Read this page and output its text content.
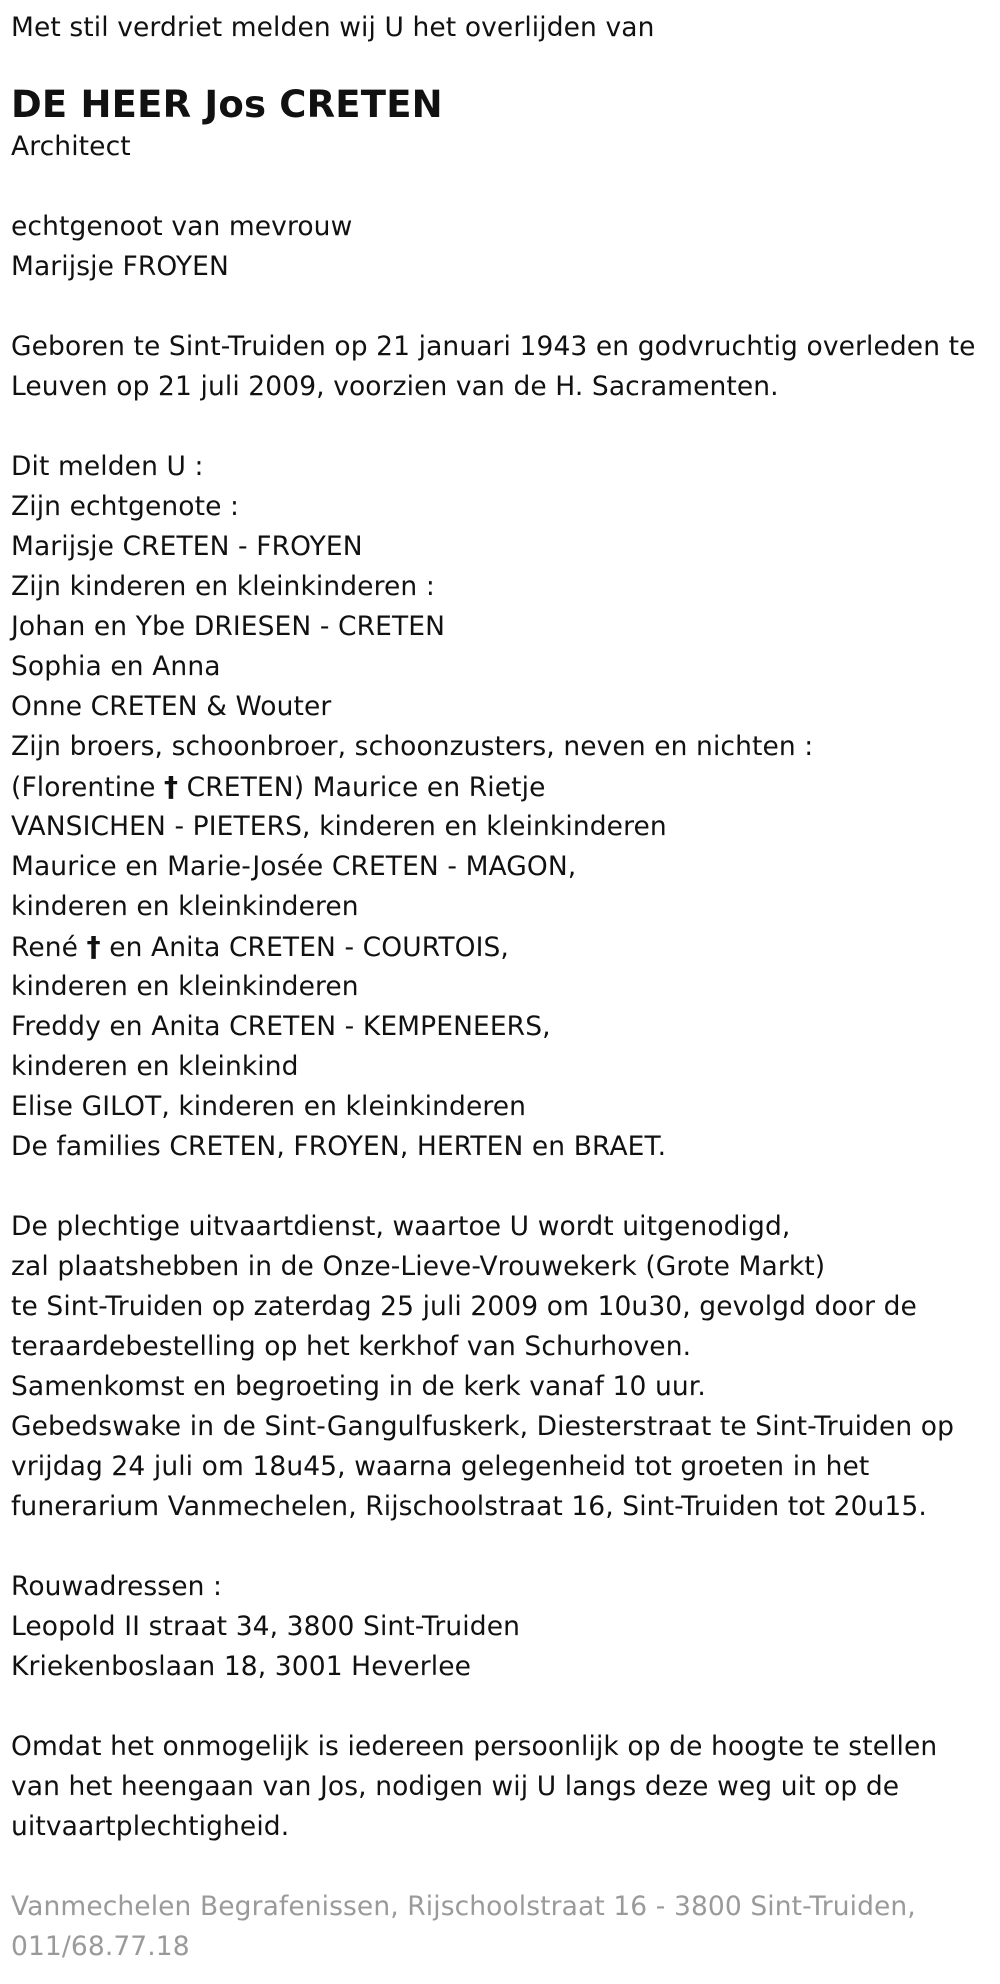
Met stil verdriet melden wij U het overlijden van
DE HEER Jos CRETEN
Architect
echtgenoot van mevrouw
Marijsje FROYEN
Geboren te Sint-Truiden op 21 januari 1943 en godvruchtig overleden te
Leuven op 21 juli 2009, voorzien van de H. Sacramenten.
Dit melden U :
Zijn echtgenote :
Marijsje CRETEN - FROYEN
Zijn kinderen en kleinkinderen :
Johan en Ybe DRIESEN - CRETEN
Sophia en Anna
Onne CRETEN & Wouter
Zijn broers, schoonbroer, schoonzusters, neven en nichten :
(Florentine † CRETEN) Maurice en Rietje
VANSICHEN - PIETERS, kinderen en kleinkinderen
Maurice en Marie-Josée CRETEN - MAGON,
kinderen en kleinkinderen
René † en Anita CRETEN - COURTOIS,
kinderen en kleinkinderen
Freddy en Anita CRETEN - KEMPENEERS,
kinderen en kleinkind
Elise GILOT, kinderen en kleinkinderen
De families CRETEN, FROYEN, HERTEN en BRAET.
De plechtige uitvaartdienst, waartoe U wordt uitgenodigd,
zal plaatshebben in de Onze-Lieve-Vrouwekerk (Grote Markt)
te Sint-Truiden op zaterdag 25 juli 2009 om 10u30, gevolgd door de
teraardebestelling op het kerkhof van Schurhoven.
Samenkomst en begroeting in de kerk vanaf 10 uur.
Gebedswake in de Sint-Gangulfuskerk, Diesterstraat te Sint-Truiden op
vrijdag 24 juli om 18u45, waarna gelegenheid tot groeten in het
funerarium Vanmechelen, Rijschoolstraat 16, Sint-Truiden tot 20u15.
Rouwadressen :
Leopold II straat 34, 3800 Sint-Truiden
Kriekenboslaan 18, 3001 Heverlee
Omdat het onmogelijk is iedereen persoonlijk op de hoogte te stellen
van het heengaan van Jos, nodigen wij U langs deze weg uit op de
uitvaartplechtigheid.
Vanmechelen Begrafenissen, Rijschoolstraat 16 - 3800 Sint-Truiden,
011/68.77.18
